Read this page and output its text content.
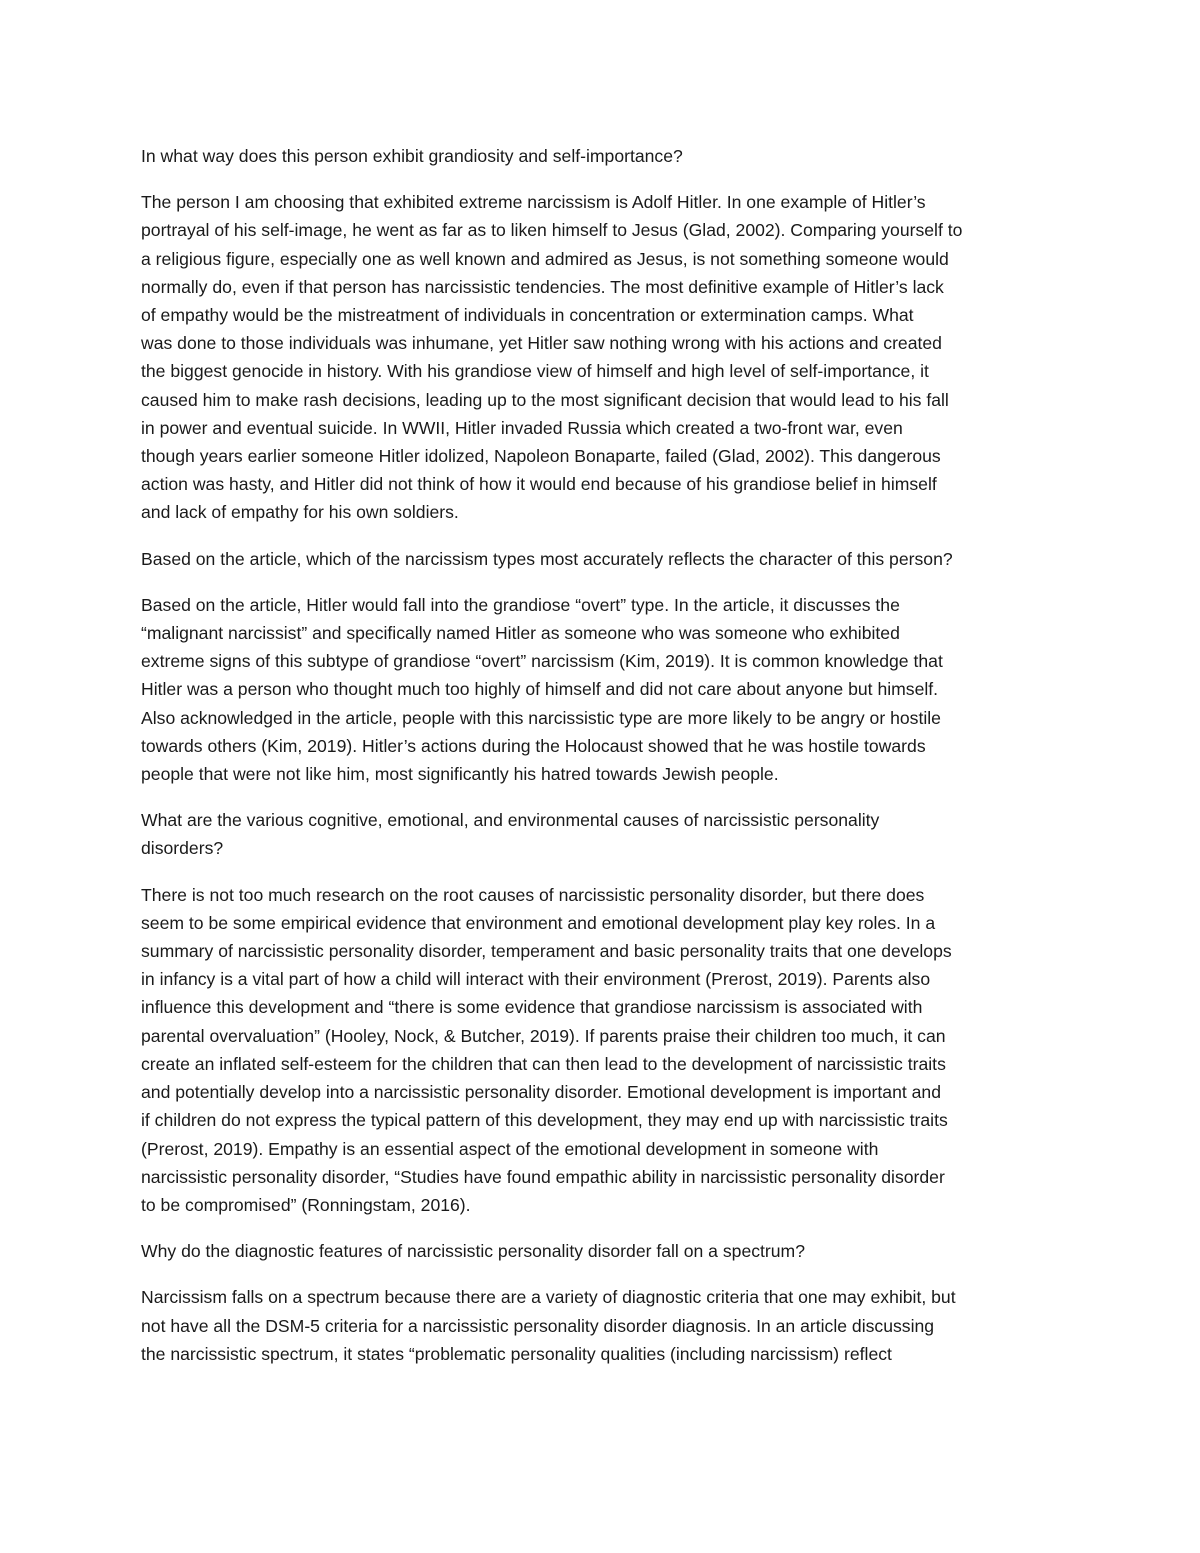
In what way does this person exhibit grandiosity and self-importance?

The person I am choosing that exhibited extreme narcissism is Adolf Hitler. In one example of Hitler’s
portrayal of his self-image, he went as far as to liken himself to Jesus (Glad, 2002). Comparing yourself to
a religious figure, especially one as well known and admired as Jesus, is not something someone would
normally do, even if that person has narcissistic tendencies. The most definitive example of Hitler’s lack
of empathy would be the mistreatment of individuals in concentration or extermination camps. What
was done to those individuals was inhumane, yet Hitler saw nothing wrong with his actions and created
the biggest genocide in history. With his grandiose view of himself and high level of self-importance, it
caused him to make rash decisions, leading up to the most significant decision that would lead to his fall
in power and eventual suicide. In WWII, Hitler invaded Russia which created a two-front war, even
though years earlier someone Hitler idolized, Napoleon Bonaparte, failed (Glad, 2002). This dangerous
action was hasty, and Hitler did not think of how it would end because of his grandiose belief in himself
and lack of empathy for his own soldiers.

Based on the article, which of the narcissism types most accurately reflects the character of this person?

Based on the article, Hitler would fall into the grandiose “overt” type. In the article, it discusses the
“malignant narcissist” and specifically named Hitler as someone who was someone who exhibited
extreme signs of this subtype of grandiose “overt” narcissism (Kim, 2019). It is common knowledge that
Hitler was a person who thought much too highly of himself and did not care about anyone but himself.
Also acknowledged in the article, people with this narcissistic type are more likely to be angry or hostile
towards others (Kim, 2019). Hitler’s actions during the Holocaust showed that he was hostile towards
people that were not like him, most significantly his hatred towards Jewish people.

What are the various cognitive, emotional, and environmental causes of narcissistic personality
disorders?

There is not too much research on the root causes of narcissistic personality disorder, but there does
seem to be some empirical evidence that environment and emotional development play key roles. In a
summary of narcissistic personality disorder, temperament and basic personality traits that one develops
in infancy is a vital part of how a child will interact with their environment (Prerost, 2019). Parents also
influence this development and “there is some evidence that grandiose narcissism is associated with
parental overvaluation” (Hooley, Nock, & Butcher, 2019). If parents praise their children too much, it can
create an inflated self-esteem for the children that can then lead to the development of narcissistic traits
and potentially develop into a narcissistic personality disorder. Emotional development is important and
if children do not express the typical pattern of this development, they may end up with narcissistic traits
(Prerost, 2019). Empathy is an essential aspect of the emotional development in someone with
narcissistic personality disorder, “Studies have found empathic ability in narcissistic personality disorder
to be compromised” (Ronningstam, 2016).

Why do the diagnostic features of narcissistic personality disorder fall on a spectrum?

Narcissism falls on a spectrum because there are a variety of diagnostic criteria that one may exhibit, but
not have all the DSM-5 criteria for a narcissistic personality disorder diagnosis. In an article discussing
the narcissistic spectrum, it states “problematic personality qualities (including narcissism) reflect
